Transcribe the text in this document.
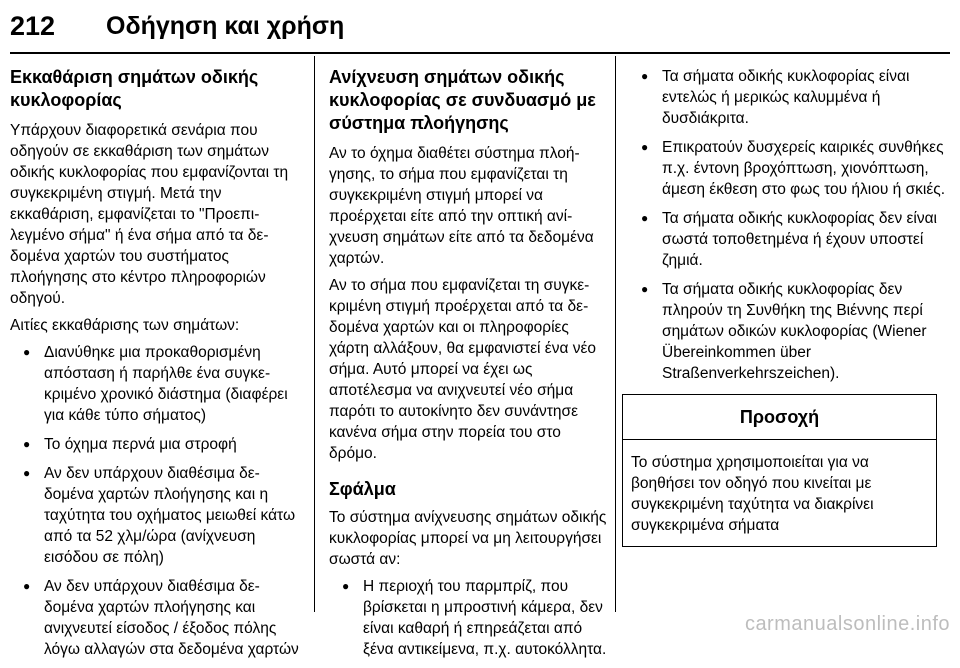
212	Οδήγηση και χρήση
Εκκαθάριση σημάτων οδικής κυκλοφορίας

Υπάρχουν διαφορετικά σενάρια που οδηγούν σε εκκαθάριση των σημάτων οδικής κυκλοφορίας που εμφανίζονται τη συγκεκριμένη στιγμή. Μετά την εκκαθάριση, εμφανίζεται το "Προεπιλεγμένο σήμα" ή ένα σήμα από τα δεδομένα χαρτών του συστήματος πλοήγησης στο κέντρο πληροφοριών οδηγού.

Αιτίες εκκαθάρισης των σημάτων:

● Διανύθηκε μια προκαθορισμένη απόσταση ή παρήλθε ένα συγκεκριμένο χρονικό διάστημα (διαφέρει για κάθε τύπο σήματος)
● Το όχημα περνά μια στροφή
● Αν δεν υπάρχουν διαθέσιμα δεδομένα χαρτών πλοήγησης και η ταχύτητα του οχήματος μειωθεί κάτω από τα 52 χλμ/ώρα (ανίχνευση εισόδου σε πόλη)
● Αν δεν υπάρχουν διαθέσιμα δεδομένα χαρτών πλοήγησης και ανιχνευτεί είσοδος / έξοδος πόλης λόγω αλλαγών στα δεδομένα χαρτών
Ανίχνευση σημάτων οδικής κυκλοφορίας σε συνδυασμό με σύστημα πλοήγησης

Αν το όχημα διαθέτει σύστημα πλοήγησης, το σήμα που εμφανίζεται τη συγκεκριμένη στιγμή μπορεί να προέρχεται είτε από την οπτική ανίχνευση σημάτων είτε από τα δεδομένα χαρτών.

Αν το σήμα που εμφανίζεται τη συγκεκριμένη στιγμή προέρχεται από τα δεδομένα χαρτών και οι πληροφορίες χάρτη αλλάξουν, θα εμφανιστεί ένα νέο σήμα. Αυτό μπορεί να έχει ως αποτέλεσμα να ανιχνευτεί νέο σήμα παρότι το αυτοκίνητο δεν συνάντησε κανένα σήμα στην πορεία του στο δρόμο.

Σφάλμα

Το σύστημα ανίχνευσης σημάτων οδικής κυκλοφορίας μπορεί να μη λειτουργήσει σωστά αν:

● Η περιοχή του παρμπρίζ, που βρίσκεται η μπροστινή κάμερα, δεν είναι καθαρή ή επηρεάζεται από ξένα αντικείμενα, π.χ. αυτοκόλλητα.
● Τα σήματα οδικής κυκλοφορίας είναι εντελώς ή μερικώς καλυμμένα ή δυσδιάκριτα.
● Επικρατούν δυσχερείς καιρικές συνθήκες π.χ. έντονη βροχόπτωση, χιονόπτωση, άμεση έκθεση στο φως του ήλιου ή σκιές.
● Τα σήματα οδικής κυκλοφορίας δεν είναι σωστά τοποθετημένα ή έχουν υποστεί ζημιά.
● Τα σήματα οδικής κυκλοφορίας δεν πληρούν τη Συνθήκη της Βιέννης περί σημάτων οδικών κυκλοφορίας (Wiener Übereinkommen über Straßenverkehrszeichen).
Προσοχή
Το σύστημα χρησιμοποιείται για να βοηθήσει τον οδηγό που κινείται με συγκεκριμένη ταχύτητα να διακρίνει συγκεκριμένα σήματα
carmanualsonline.info
